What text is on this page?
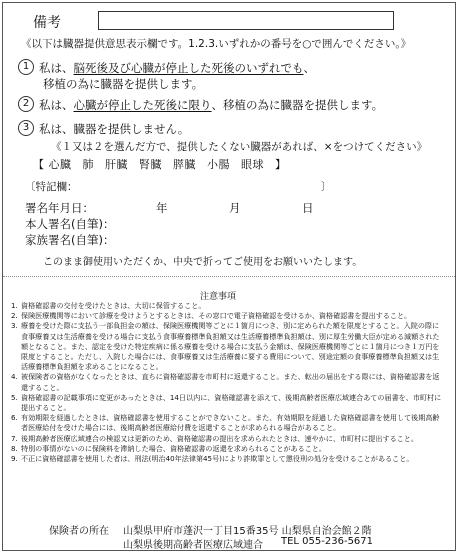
備考
《以下は臓器提供意思表示欄です。1.2.3.いずれかの番号を○で囲んでください。》
1 私は、脳死後及び心臓が停止した死後のいずれでも、
移植の為に臓器を提供します。
2 私は、心臓が停止した死後に限り、移植の為に臓器を提供します。
3 私は、臓器を提供しません。
《１又は２を選んだ方で、提供したくない臓器があれば、×をつけてください》
【 心臓 肺 肝臓 腎臓 膵臓 小腸 眼球 】
〔特記欄：	〕
署名年月日：	年	月	日
本人署名(自筆)：
家族署名(自筆)：
このまま御使用いただくか、中央で折ってご使用をお願いいたします。
注意事項
1. 資格確認書の交付を受けたときは、大切に保管すること。
2. 保険医療機関等において診療を受けようとするときは、その窓口で電子資格確認を受けるか、資格確認書を提出すること。
3. 療養を受けた際に支払う一部負担金の額は、保険医療機関等ごとに１箇月につき、別に定められた額を限度とすること。入院の際に食事療養又は生活療養を受ける場合に支払う食事療養標準負担額又は生活療養標準負担額は、別に厚生労働大臣が定める減額された額となること。また、認定を受けた特定疾病に係る療養を受ける場合に支払う金額は、保険医療機関等ごとに１箇月につき１万円を限度とすること。ただし、入院した場合には、食事療養又は生活療養に要する費用について、別途定額の食事療養標準負担額又は生活療養標準負担額を求めることになること。
4. 被保険者の資格がなくなったときは、直ちに資格確認書を市町村に返還すること。また、転出の届出をする際には、資格確認書を返還すること。
5. 資格確認書の記載事項に変更があったときは、14日以内に、資格確認書を添えて、後期高齢者医療広域連合あての届書を、市町村に提出すること。
6. 有効期限を経過したときは、資格確認書を使用することができないこと。また、有効期限を経過した資格確認書を使用して後期高齢者医療給付を受けた場合には、後期高齢者医療給付費を返還することが求められる場合があること。
7. 後期高齢者医療広域連合の検認又は更新のため、資格確認書の提出を求められたときは、速やかに、市町村に提出すること。
8. 特別の事情がないのに保険料を滞納した場合、資格確認書の返還を求められることがあること。
9. 不正に資格確認書を使用した者は、刑法(明治40年法律第45号)により詐欺罪として懲役刑の処分を受けることがあること。
保険者の所在 山梨県甲府市蓬沢一丁目15番35号 山梨県自治会館２階
山梨県後期高齢者医療広域連合 TEL 055-236-5671
